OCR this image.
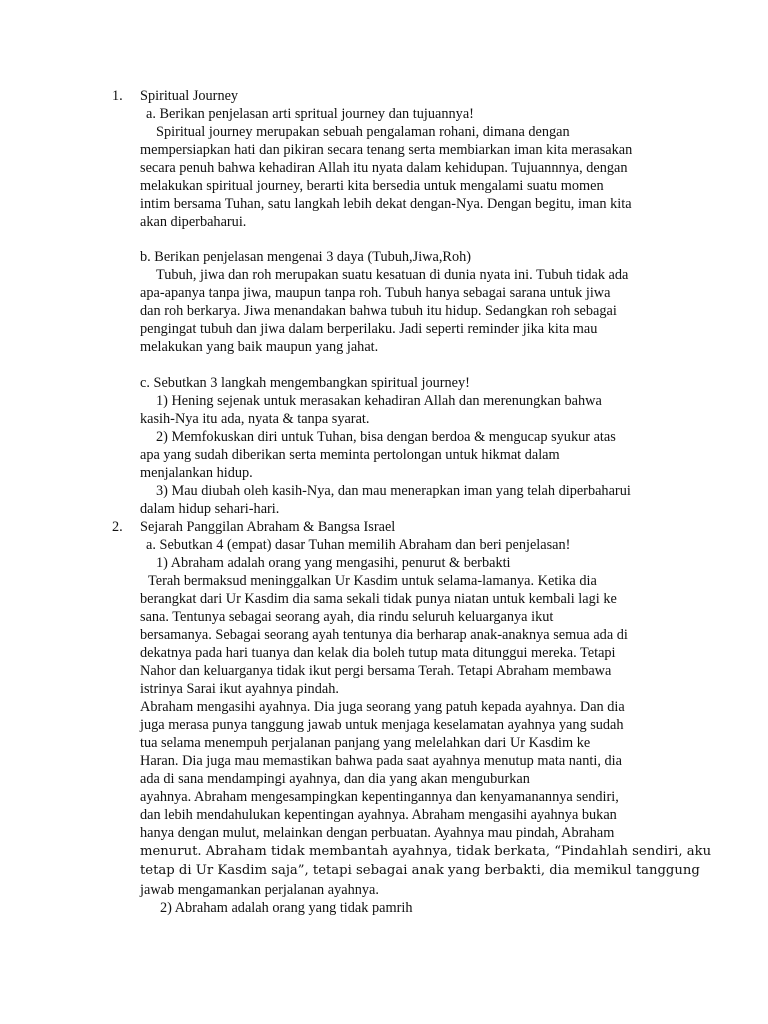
1. Spiritual Journey
a. Berikan penjelasan arti spritual journey dan tujuannya!
Spiritual journey merupakan sebuah pengalaman rohani, dimana dengan
mempersiapkan hati dan pikiran secara tenang serta membiarkan iman kita merasakan
secara penuh bahwa kehadiran Allah itu nyata dalam kehidupan. Tujuannnya, dengan
melakukan spiritual journey, berarti kita bersedia untuk mengalami suatu momen
intim bersama Tuhan, satu langkah lebih dekat dengan-Nya. Dengan begitu, iman kita
akan diperbaharui.
b. Berikan penjelasan mengenai 3 daya (Tubuh,Jiwa,Roh)
Tubuh, jiwa dan roh merupakan suatu kesatuan di dunia nyata ini. Tubuh tidak ada
apa-apanya tanpa jiwa, maupun tanpa roh. Tubuh hanya sebagai sarana untuk jiwa
dan roh berkarya. Jiwa menandakan bahwa tubuh itu hidup. Sedangkan roh sebagai
pengingat tubuh dan jiwa dalam berperilaku. Jadi seperti reminder jika kita mau
melakukan yang baik maupun yang jahat.
c. Sebutkan 3 langkah mengembangkan spiritual journey!
1) Hening sejenak untuk merasakan kehadiran Allah dan merenungkan bahwa
kasih-Nya itu ada, nyata & tanpa syarat.
2) Memfokuskan diri untuk Tuhan, bisa dengan berdoa & mengucap syukur atas
apa yang sudah diberikan serta meminta pertolongan untuk hikmat dalam
menjalankan hidup.
3) Mau diubah oleh kasih-Nya, dan mau menerapkan iman yang telah diperbaharui
dalam hidup sehari-hari.
2. Sejarah Panggilan Abraham & Bangsa Israel
a. Sebutkan 4 (empat) dasar Tuhan memilih Abraham dan beri penjelasan!
1) Abraham adalah orang yang mengasihi, penurut & berbakti
Terah bermaksud meninggalkan Ur Kasdim untuk selama-lamanya. Ketika dia
berangkat dari Ur Kasdim dia sama sekali tidak punya niatan untuk kembali lagi ke
sana. Tentunya sebagai seorang ayah, dia rindu seluruh keluarganya ikut
bersamanya. Sebagai seorang ayah tentunya dia berharap anak-anaknya semua ada di
dekatnya pada hari tuanya dan kelak dia boleh tutup mata ditunggui mereka. Tetapi
Nahor dan keluarganya tidak ikut pergi bersama Terah. Tetapi Abraham membawa
istrinya Sarai ikut ayahnya pindah.
Abraham mengasihi ayahnya. Dia juga seorang yang patuh kepada ayahnya. Dan dia
juga merasa punya tanggung jawab untuk menjaga keselamatan ayahnya yang sudah
tua selama menempuh perjalanan panjang yang melelahkan dari Ur Kasdim ke
Haran. Dia juga mau memastikan bahwa pada saat ayahnya menutup mata nanti, dia
ada di sana mendampingi ayahnya, dan dia yang akan menguburkan
ayahnya. Abraham mengesampingkan kepentingannya dan kenyamanannya sendiri,
dan lebih mendahulukan kepentingan ayahnya. Abraham mengasihi ayahnya bukan
hanya dengan mulut, melainkan dengan perbuatan. Ayahnya mau pindah, Abraham
menurut. Abraham tidak membantah ayahnya, tidak berkata, “Pindahlah sendiri, aku
tetap di Ur Kasdim saja”, tetapi sebagai anak yang berbakti, dia memikul tanggung
jawab mengamankan perjalanan ayahnya.
2) Abraham adalah orang yang tidak pamrih
